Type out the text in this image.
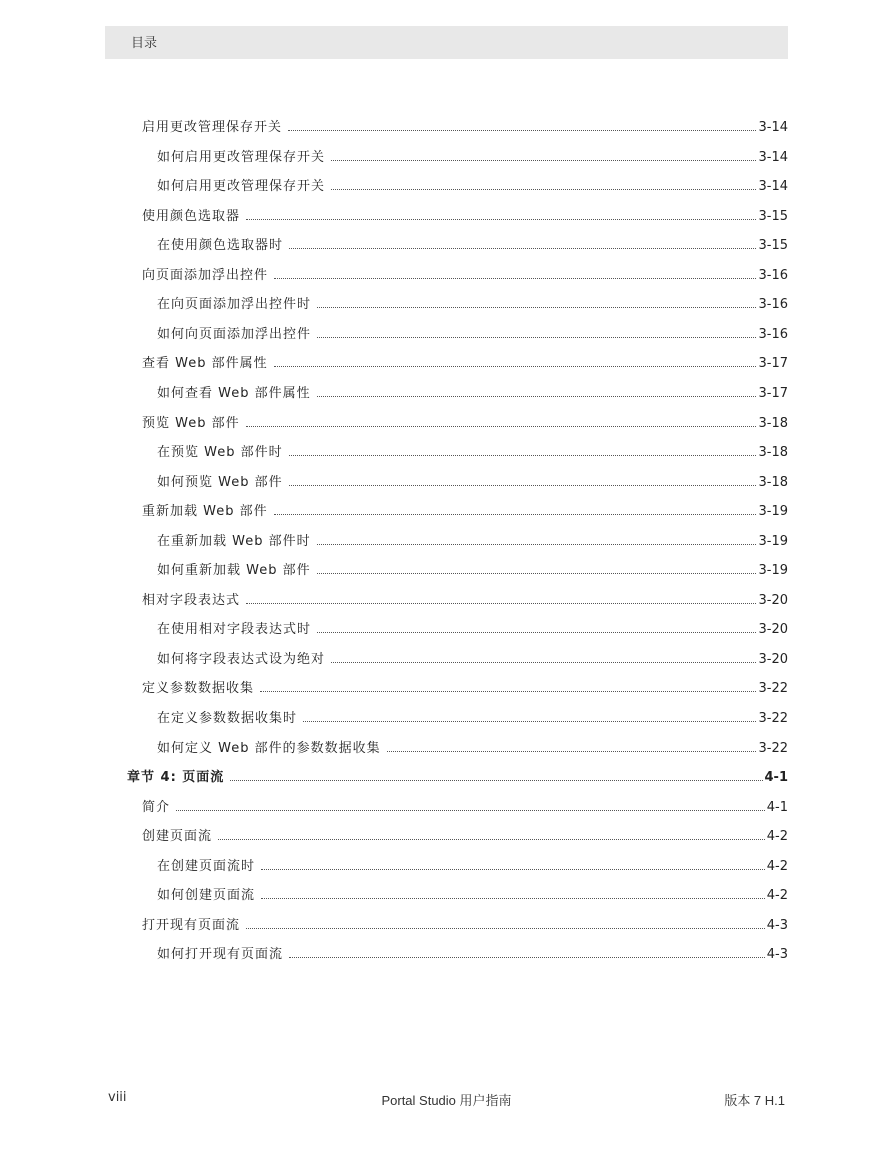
目录
启用更改管理保存开关	3-14
如何启用更改管理保存开关	3-14
如何启用更改管理保存开关	3-14
使用颜色选取器	3-15
在使用颜色选取器时	3-15
向页面添加浮出控件	3-16
在向页面添加浮出控件时	3-16
如何向页面添加浮出控件	3-16
查看 Web 部件属性	3-17
如何查看 Web 部件属性	3-17
预览 Web 部件	3-18
在预览 Web 部件时	3-18
如何预览 Web 部件	3-18
重新加载 Web 部件	3-19
在重新加载 Web 部件时	3-19
如何重新加载 Web 部件	3-19
相对字段表达式	3-20
在使用相对字段表达式时	3-20
如何将字段表达式设为绝对	3-20
定义参数数据收集	3-22
在定义参数数据收集时	3-22
如何定义 Web 部件的参数数据收集	3-22
章节 4: 页面流	4-1
简介	4-1
创建页面流	4-2
在创建页面流时	4-2
如何创建页面流	4-2
打开现有页面流	4-3
如何打开现有页面流	4-3
viii	Portal Studio 用户指南	版本 7 H.1
